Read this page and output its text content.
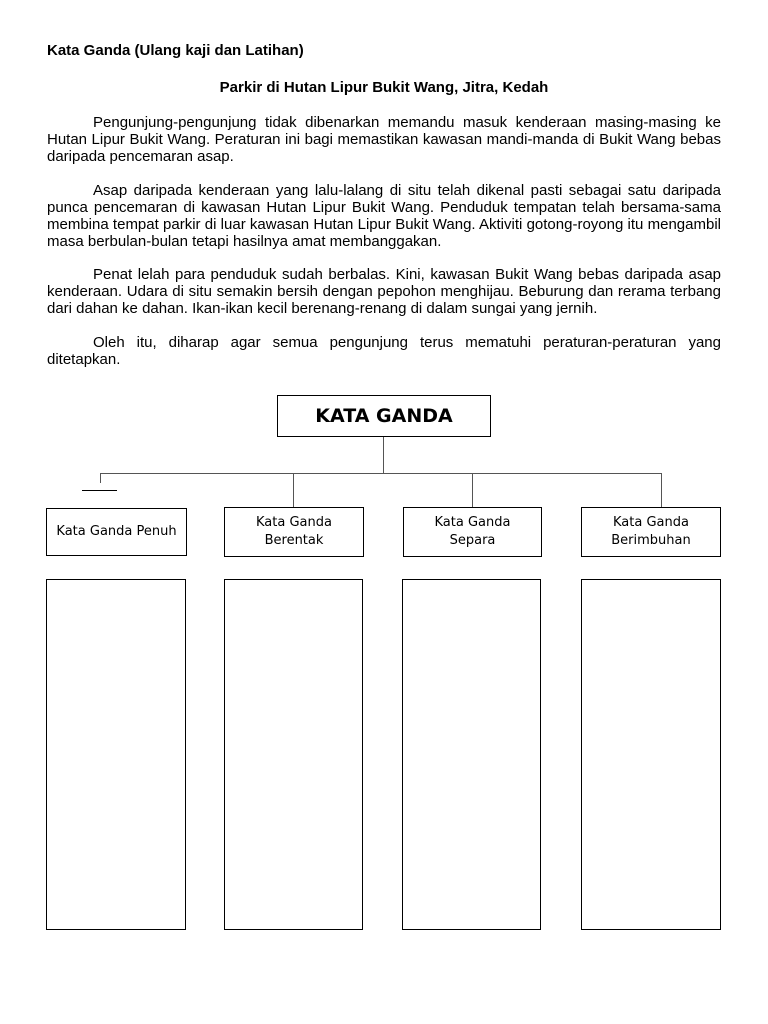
Kata Ganda (Ulang kaji dan Latihan)
Parkir di Hutan Lipur Bukit Wang, Jitra, Kedah

Pengunjung-pengunjung tidak dibenarkan memandu masuk kenderaan masing-masing ke Hutan Lipur Bukit Wang. Peraturan ini bagi memastikan kawasan mandi-manda di Bukit Wang bebas daripada pencemaran asap.

Asap daripada kenderaan yang lalu-lalang di situ telah dikenal pasti sebagai satu daripada punca pencemaran di kawasan Hutan Lipur Bukit Wang. Penduduk tempatan telah bersama-sama membina tempat parkir di luar kawasan Hutan Lipur Bukit Wang. Aktiviti gotong-royong itu mengambil masa berbulan-bulan tetapi hasilnya amat membanggakan.

Penat lelah para penduduk sudah berbalas. Kini, kawasan Bukit Wang bebas daripada asap kenderaan. Udara di situ semakin bersih dengan pepohon menghijau. Beburung dan rerama terbang dari dahan ke dahan. Ikan-ikan kecil berenang-renang di dalam sungai yang jernih.

Oleh itu, diharap agar semua pengunjung terus mematuhi peraturan-peraturan yang ditetapkan.

KATA GANDA
Kata Ganda Penuh
Kata Ganda Berentak
Kata Ganda Separa
Kata Ganda Berimbuhan
